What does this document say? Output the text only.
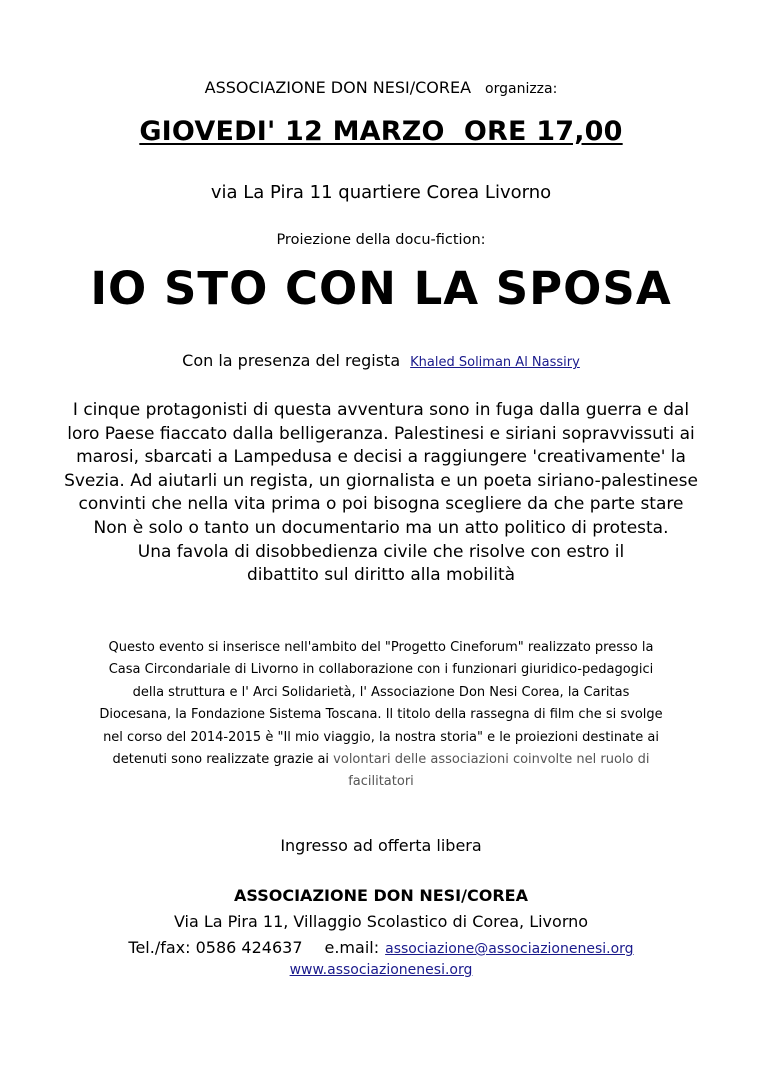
ASSOCIAZIONE DON NESI/COREA organizza:
GIOVEDI' 12 MARZO  ORE 17,00
via La Pira 11 quartiere Corea Livorno
Proiezione della docu-fiction:
IO STO CON LA SPOSA
Con la presenza del regista Khaled Soliman Al Nassiry
I cinque protagonisti di questa avventura sono in fuga dalla guerra e dal
loro Paese fiaccato dalla belligeranza. Palestinesi e siriani sopravvissuti ai
marosi, sbarcati a Lampedusa e decisi a raggiungere 'creativamente' la
Svezia. Ad aiutarli un regista, un giornalista e un poeta siriano-palestinese
convinti che nella vita prima o poi bisogna scegliere da che parte stare
Non è solo o tanto un documentario ma un atto politico di protesta.
Una favola di disobbedienza civile che risolve con estro il
dibattito sul diritto alla mobilità
Questo evento si inserisce nell'ambito del "Progetto Cineforum" realizzato presso la
Casa Circondariale di Livorno in collaborazione con i funzionari giuridico-pedagogici
della struttura e l' Arci Solidarietà, l' Associazione Don Nesi Corea, la Caritas
Diocesana, la Fondazione Sistema Toscana. Il titolo della rassegna di film che si svolge
nel corso del 2014-2015 è "Il mio viaggio, la nostra storia" e le proiezioni destinate ai
detenuti sono realizzate grazie ai volontari delle associazioni coinvolte nel ruolo di
facilitatori
Ingresso ad offerta libera
ASSOCIAZIONE DON NESI/COREA
Via La Pira 11, Villaggio Scolastico di Corea, Livorno
Tel./fax: 0586 424637 e.mail: associazione@associazionenesi.org
www.associazionenesi.org
